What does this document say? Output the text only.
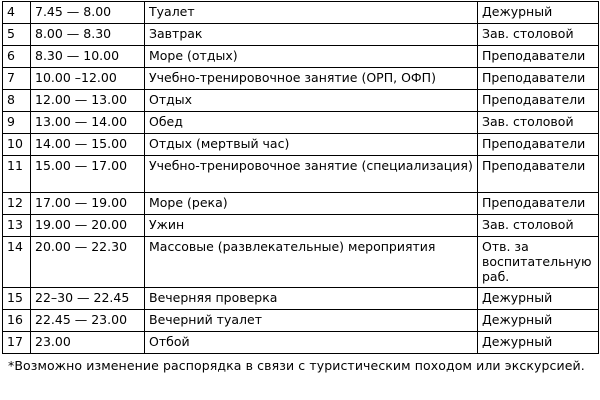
4	7.45 — 8.00	Туалет	Дежурный
5	8.00 — 8.30	Завтрак	Зав. столовой
6	8.30 — 10.00	Море (отдых)	Преподаватели
7	10.00 –12.00	Учебно-тренировочное занятие (ОРП, ОФП)	Преподаватели
8	12.00 — 13.00	Отдых	Преподаватели
9	13.00 — 14.00	Обед	Зав. столовой
10	14.00 — 15.00	Отдых (мертвый час)	Преподаватели
11	15.00 — 17.00	Учебно-тренировочное занятие (специализация)	Преподаватели
12	17.00 — 19.00	Море (река)	Преподаватели
13	19.00 — 20.00	Ужин	Зав. столовой
14	20.00 — 22.30	Массовые (развлекательные) мероприятия	Отв. за воспитательную раб.
15	22–30 — 22.45	Вечерняя проверка	Дежурный
16	22.45 — 23.00	Вечерний туалет	Дежурный
17	23.00	Отбой	Дежурный
*Возможно изменение распорядка в связи с туристическим походом или экскурсией.
